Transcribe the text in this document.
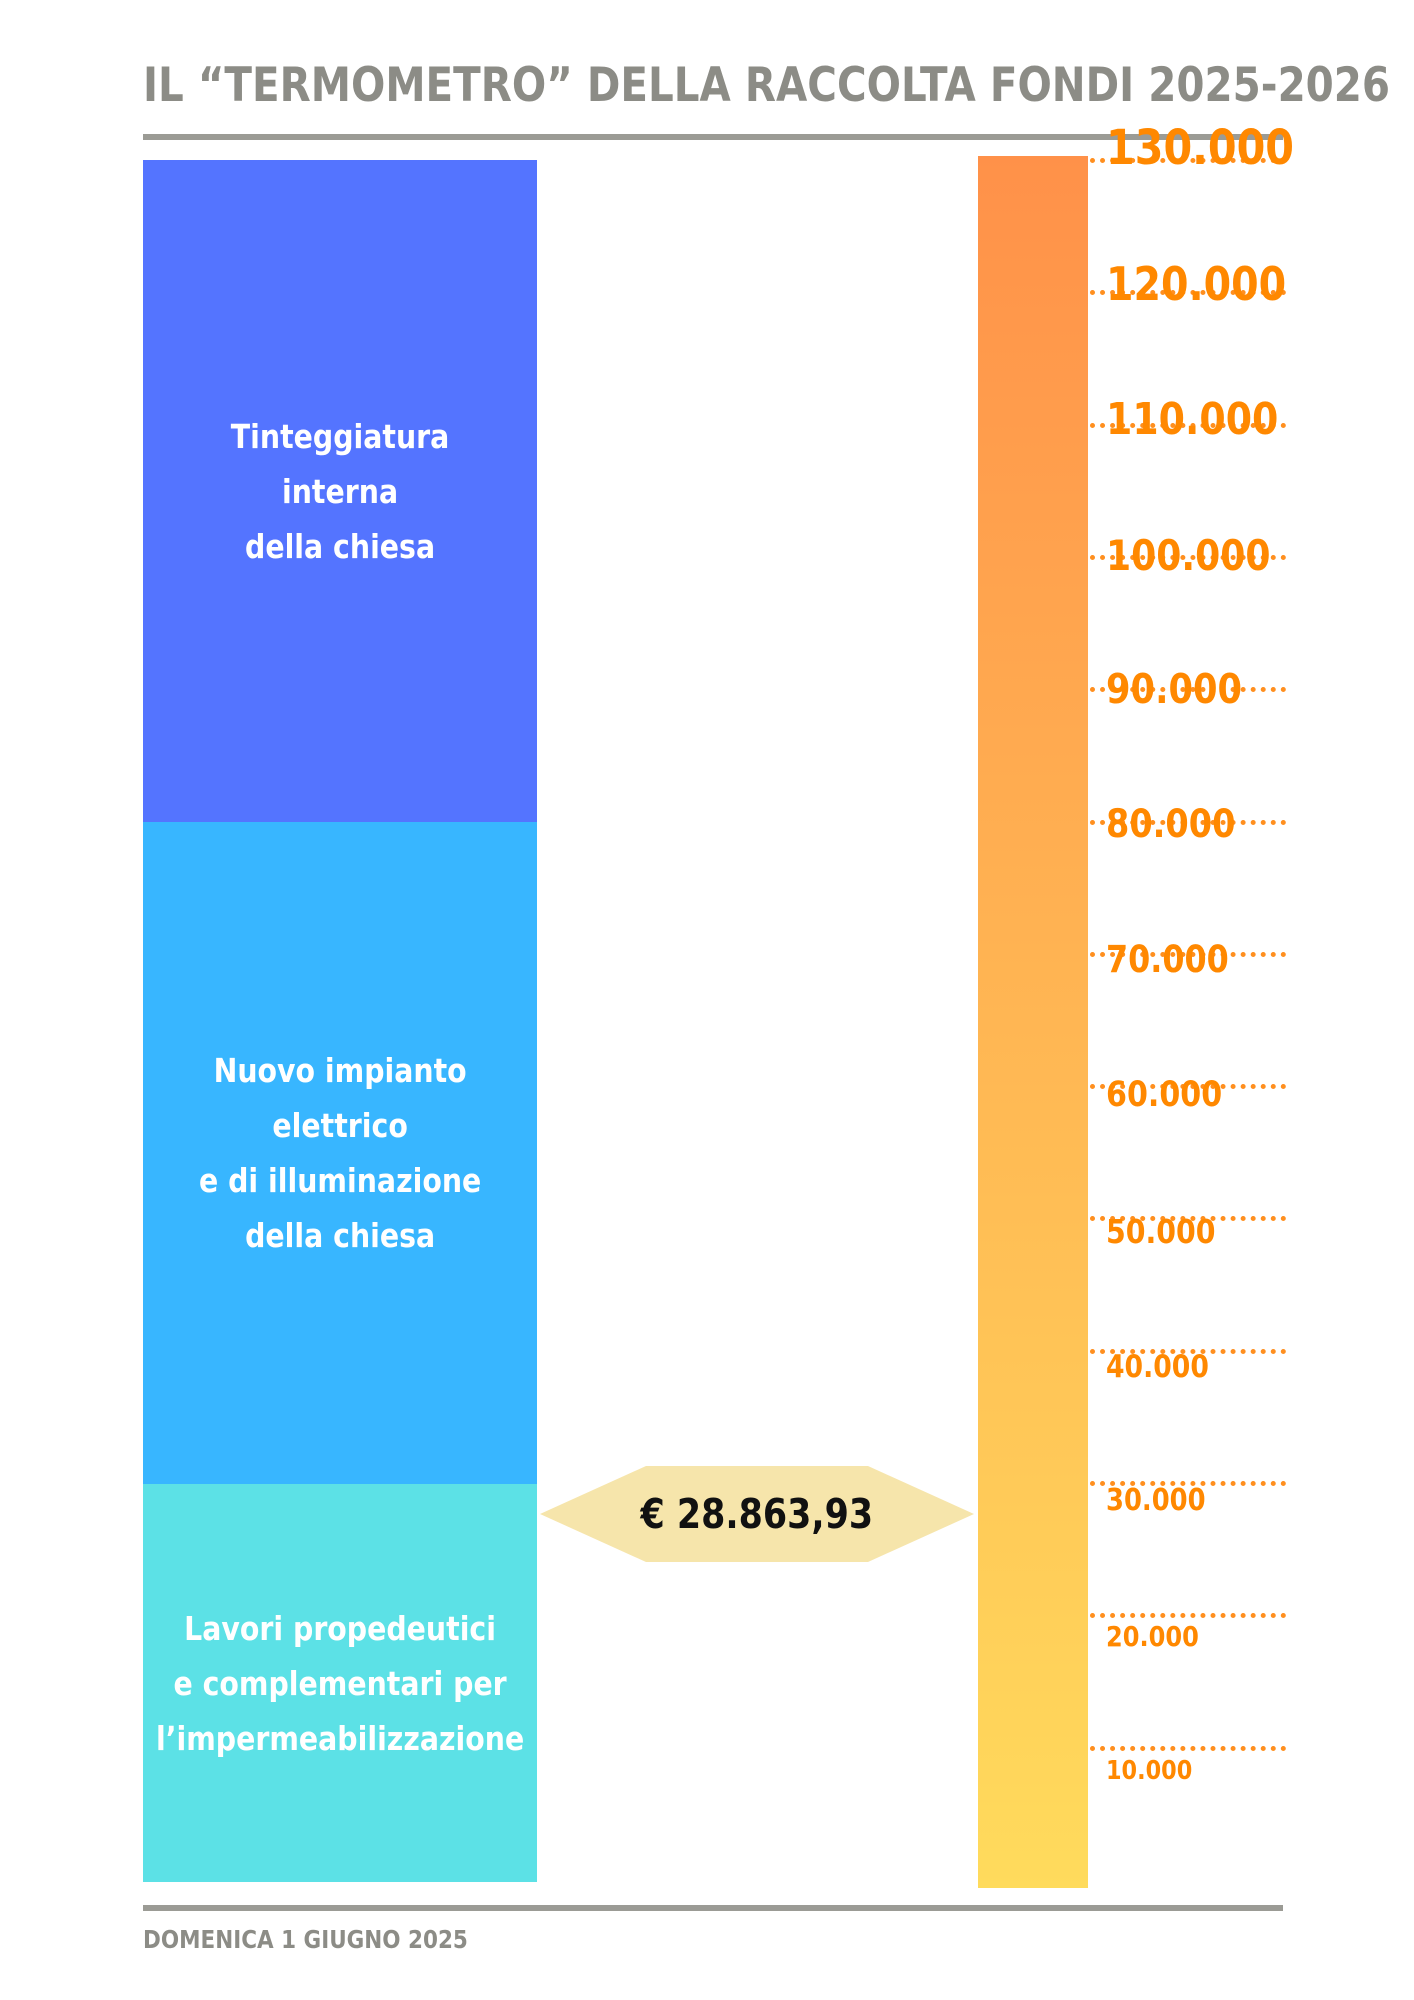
IL “TERMOMETRO” DELLA RACCOLTA FONDI 2025-2026
Tinteggiatura
interna
della chiesa
Nuovo impianto
elettrico
e di illuminazione
della chiesa
Lavori propedeutici
e complementari per
l’impermeabilizzazione
€ 28.863,93
10.000
20.000
30.000
40.000
50.000
60.000
70.000
80.000
90.000
100.000
110.000
120.000
130.000
DOMENICA 1 GIUGNO 2025
